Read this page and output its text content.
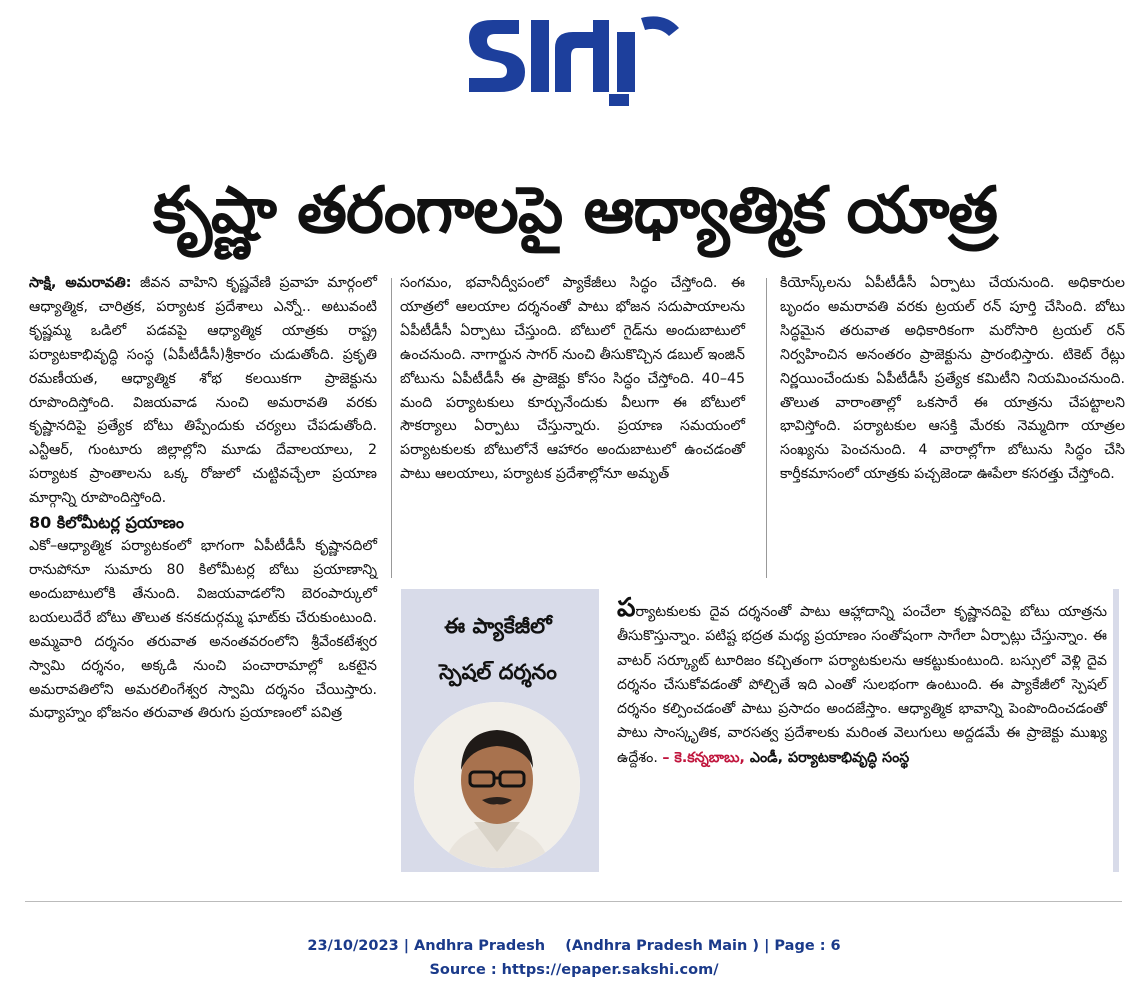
కృష్ణా తరంగాలపై ఆధ్యాత్మిక యాత్ర

సాక్షి, అమరావతి: జీవన వాహిని కృష్ణవేణి ప్రవాహ మార్గంలో ఆధ్యాత్మిక, చారిత్రక, పర్యాటక ప్రదేశాలు ఎన్నో.. అటువంటి కృష్ణమ్మ ఒడిలో పడవపై ఆధ్యాత్మిక యాత్రకు రాష్ట్ర పర్యాటకాభివృద్ధి సంస్థ (ఏపీటీడీసీ)శ్రీకారం చుడుతోంది. ప్రకృతి రమణీయత, ఆధ్యాత్మిక శోభ కలయికగా ప్రాజెక్టును రూపొందిస్తోంది. విజయవాడ నుంచి అమరావతి వరకు కృష్ణానదిపై ప్రత్యేక బోటు తిప్పేందుకు చర్యలు చేపడుతోంది. ఎన్టీఆర్, గుంటూరు జిల్లాల్లోని మూడు దేవాలయాలు, 2 పర్యాటక ప్రాంతాలను ఒక్క రోజులో చుట్టివచ్చేలా ప్రయాణ మార్గాన్ని రూపొందిస్తోంది.

80 కిలోమీటర్ల ప్రయాణం

ఎకో–ఆధ్యాత్మిక పర్యాటకంలో భాగంగా ఏపీటీడీసీ కృష్ణానదిలో రానుపోనూ సుమారు 80 కిలోమీటర్ల బోటు ప్రయాణాన్ని అందుబాటులోకి తేనుంది. విజయవాడలోని బెరంపార్కులో బయలుదేరే బోటు తొలుత కనకదుర్గమ్మ ఘాట్‌కు చేరుకుంటుంది. అమ్మవారి దర్శనం తరువాత అనంతవరంలోని శ్రీవేంకటేశ్వర స్వామి దర్శనం, అక్కడి నుంచి పంచారామాల్లో ఒకటైన అమరావతిలోని అమరలింగేశ్వర స్వామి దర్శనం చేయిస్తారు. మధ్యాహ్నం భోజనం తరువాత తిరుగు ప్రయాణంలో పవిత్ర

సంగమం, భవానీద్వీపంలో ప్యాకేజీలు సిద్ధం చేస్తోంది. ఈ యాత్రలో ఆలయాల దర్శనంతో పాటు భోజన సదుపాయాలను ఏపీటీడీసీ ఏర్పాటు చేస్తుంది. బోటులో గైడ్‌ను అందుబాటులో ఉంచనుంది. నాగార్జున సాగర్ నుంచి తీసుకొచ్చిన డబుల్ ఇంజిన్ బోటును ఏపీటీడీసీ ఈ ప్రాజెక్టు కోసం సిద్ధం చేస్తోంది. 40–45 మంది పర్యాటకులు కూర్చునేందుకు వీలుగా ఈ బోటులో సౌకర్యాలు ఏర్పాటు చేస్తున్నారు. ప్రయాణ సమయంలో పర్యాటకులకు బోటులోనే ఆహారం అందుబాటులో ఉంచడంతో పాటు ఆలయాలు, పర్యాటక ప్రదేశాల్లోనూ అమృత్

కియోస్క్‌లను ఏపీటీడీసీ ఏర్పాటు చేయనుంది. అధికారుల బృందం అమరావతి వరకు ట్రయల్ రన్ పూర్తి చేసింది. బోటు సిద్ధమైన తరువాత అధికారికంగా మరోసారి ట్రయల్ రన్ నిర్వహించిన అనంతరం ప్రాజెక్టును ప్రారంభిస్తారు. టికెట్ రేట్లు నిర్ణయించేందుకు ఏపీటీడీసీ ప్రత్యేక కమిటీని నియమించనుంది. తొలుత వారాంతాల్లో ఒకసారే ఈ యాత్రను చేపట్టాలని భావిస్తోంది. పర్యాటకుల ఆసక్తి మేరకు నెమ్మదిగా యాత్రల సంఖ్యను పెంచనుంది. 4 వారాల్లోగా బోటును సిద్ధం చేసి కార్తీకమాసంలో యాత్రకు పచ్చజెండా ఊపేలా కసరత్తు చేస్తోంది.

ఈ ప్యాకేజీలో
స్పెషల్ దర్శనం
పర్యాటకులకు దైవ దర్శనంతో పాటు ఆహ్లాదాన్ని పంచేలా కృష్ణానదిపై బోటు యాత్రను తీసుకొస్తున్నాం. పటిష్ట భద్రత మధ్య ప్రయాణం సంతోషంగా సాగేలా ఏర్పాట్లు చేస్తున్నాం. ఈ వాటర్ సర్క్యూట్ టూరిజం కచ్చితంగా పర్యాటకులను ఆకట్టుకుంటుంది. బస్సులో వెళ్లి దైవ దర్శనం చేసుకోవడంతో పోల్చితే ఇది ఎంతో సులభంగా ఉంటుంది. ఈ ప్యాకేజీలో స్పెషల్ దర్శనం కల్పించడంతో పాటు ప్రసాదం అందజేస్తాం. ఆధ్యాత్మిక భావాన్ని పెంపొందించడంతో పాటు సాంస్కృతిక, వారసత్వ ప్రదేశాలకు మరింత వెలుగులు అద్దడమే ఈ ప్రాజెక్టు ముఖ్య ఉద్దేశం. – కె.కన్నబాబు, ఎండీ, పర్యాటకాభివృద్ధి సంస్థ
23/10/2023 | Andhra Pradesh    (Andhra Pradesh Main ) | Page : 6
Source : https://epaper.sakshi.com/
